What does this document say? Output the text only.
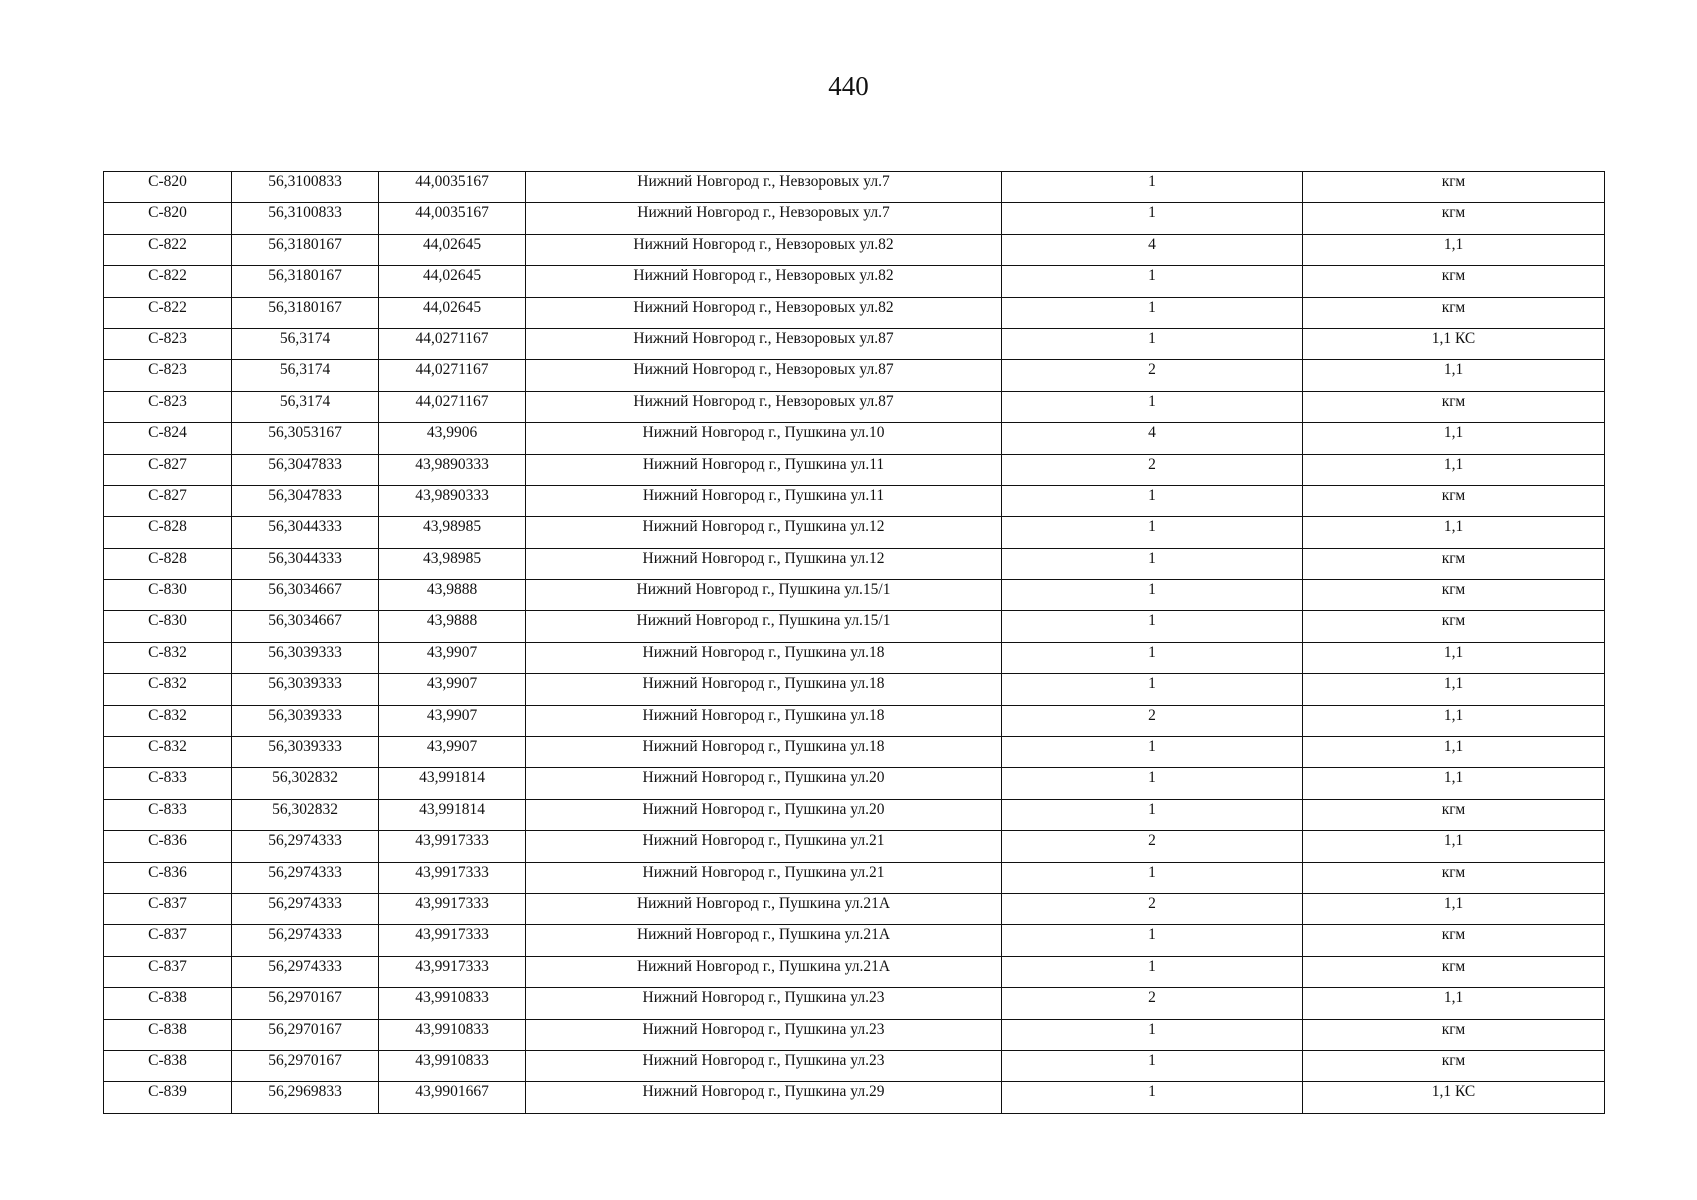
440
С-820	56,3100833	44,0035167	Нижний Новгород г., Невзоровых ул.7	1	кгм
С-820	56,3100833	44,0035167	Нижний Новгород г., Невзоровых ул.7	1	кгм
С-822	56,3180167	44,02645	Нижний Новгород г., Невзоровых ул.82	4	1,1
С-822	56,3180167	44,02645	Нижний Новгород г., Невзоровых ул.82	1	кгм
С-822	56,3180167	44,02645	Нижний Новгород г., Невзоровых ул.82	1	кгм
С-823	56,3174	44,0271167	Нижний Новгород г., Невзоровых ул.87	1	1,1 КС
С-823	56,3174	44,0271167	Нижний Новгород г., Невзоровых ул.87	2	1,1
С-823	56,3174	44,0271167	Нижний Новгород г., Невзоровых ул.87	1	кгм
С-824	56,3053167	43,9906	Нижний Новгород г., Пушкина ул.10	4	1,1
С-827	56,3047833	43,9890333	Нижний Новгород г., Пушкина ул.11	2	1,1
С-827	56,3047833	43,9890333	Нижний Новгород г., Пушкина ул.11	1	кгм
С-828	56,3044333	43,98985	Нижний Новгород г., Пушкина ул.12	1	1,1
С-828	56,3044333	43,98985	Нижний Новгород г., Пушкина ул.12	1	кгм
С-830	56,3034667	43,9888	Нижний Новгород г., Пушкина ул.15/1	1	кгм
С-830	56,3034667	43,9888	Нижний Новгород г., Пушкина ул.15/1	1	кгм
С-832	56,3039333	43,9907	Нижний Новгород г., Пушкина ул.18	1	1,1
С-832	56,3039333	43,9907	Нижний Новгород г., Пушкина ул.18	1	1,1
С-832	56,3039333	43,9907	Нижний Новгород г., Пушкина ул.18	2	1,1
С-832	56,3039333	43,9907	Нижний Новгород г., Пушкина ул.18	1	1,1
С-833	56,302832	43,991814	Нижний Новгород г., Пушкина ул.20	1	1,1
С-833	56,302832	43,991814	Нижний Новгород г., Пушкина ул.20	1	кгм
С-836	56,2974333	43,9917333	Нижний Новгород г., Пушкина ул.21	2	1,1
С-836	56,2974333	43,9917333	Нижний Новгород г., Пушкина ул.21	1	кгм
С-837	56,2974333	43,9917333	Нижний Новгород г., Пушкина ул.21А	2	1,1
С-837	56,2974333	43,9917333	Нижний Новгород г., Пушкина ул.21А	1	кгм
С-837	56,2974333	43,9917333	Нижний Новгород г., Пушкина ул.21А	1	кгм
С-838	56,2970167	43,9910833	Нижний Новгород г., Пушкина ул.23	2	1,1
С-838	56,2970167	43,9910833	Нижний Новгород г., Пушкина ул.23	1	кгм
С-838	56,2970167	43,9910833	Нижний Новгород г., Пушкина ул.23	1	кгм
С-839	56,2969833	43,9901667	Нижний Новгород г., Пушкина ул.29	1	1,1 КС
